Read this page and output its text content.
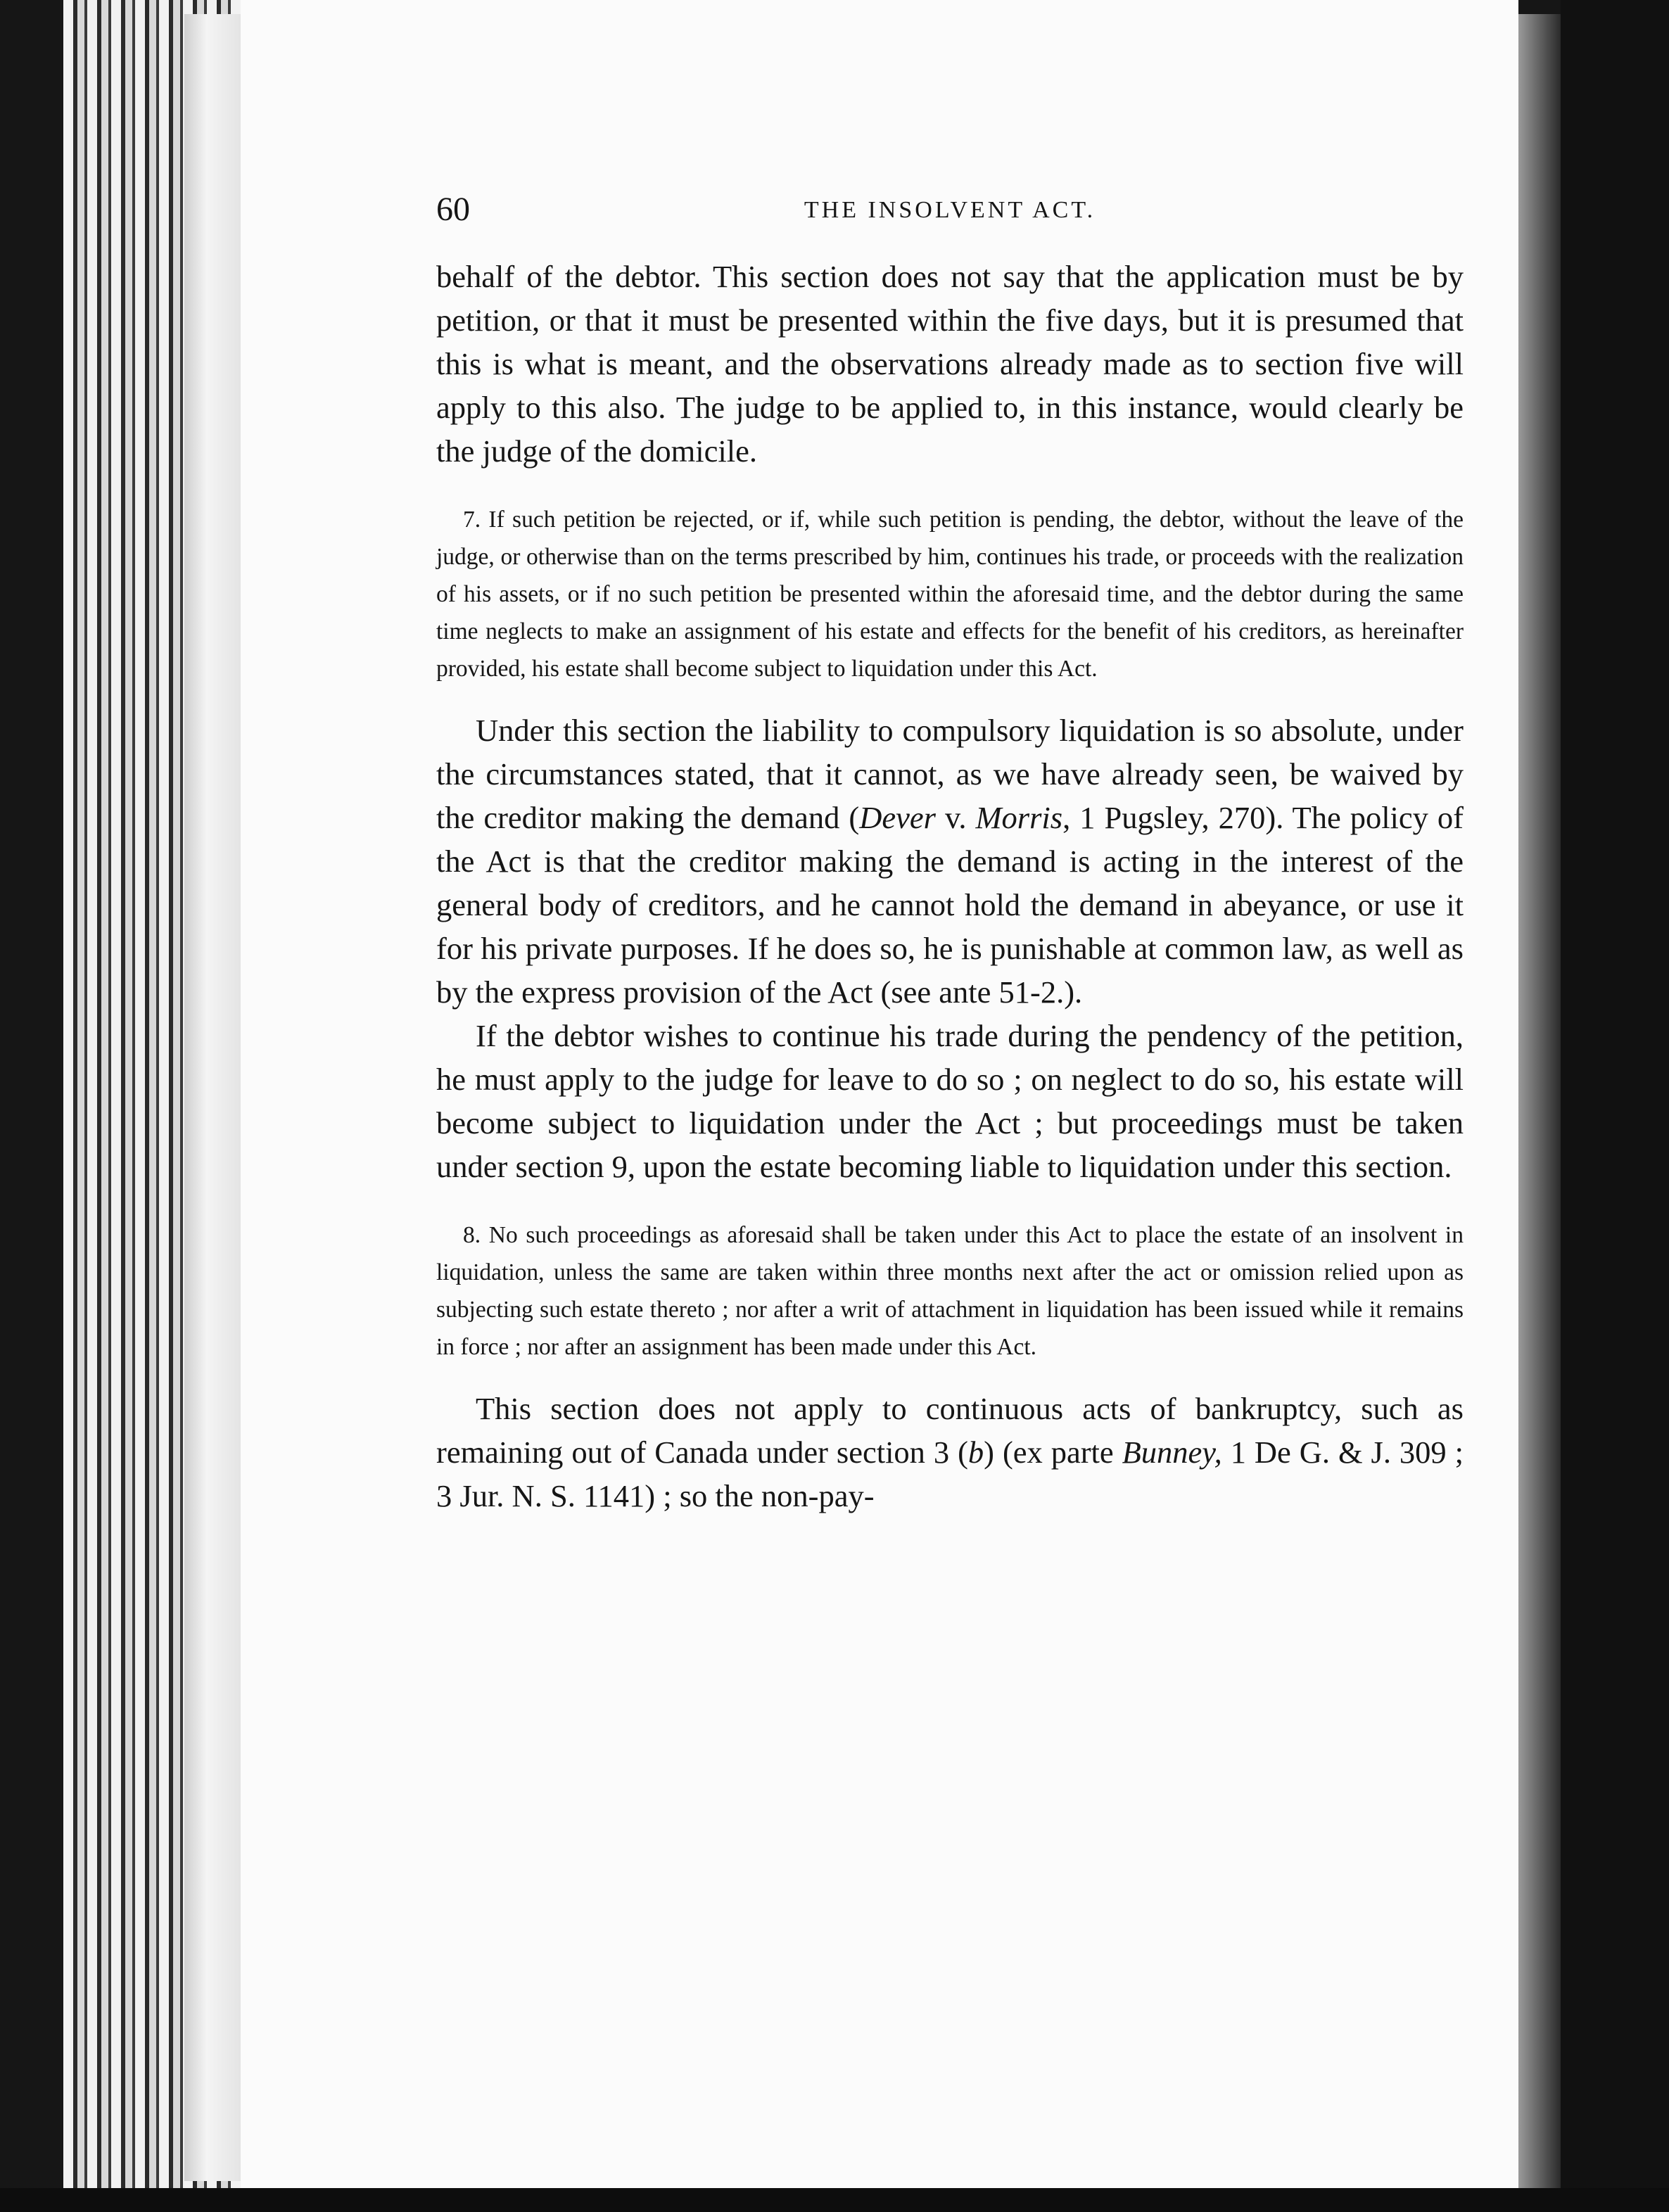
60	THE INSOLVENT ACT.

behalf of the debtor. This section does not say that the application must be by petition, or that it must be presented within the five days, but it is presumed that this is what is meant, and the observations already made as to section five will apply to this also. The judge to be applied to, in this instance, would clearly be the judge of the domicile.

7. If such petition be rejected, or if, while such petition is pending, the debtor, without the leave of the judge, or otherwise than on the terms prescribed by him, continues his trade, or proceeds with the realization of his assets, or if no such petition be presented within the aforesaid time, and the debtor during the same time neglects to make an assignment of his estate and effects for the benefit of his creditors, as hereinafter provided, his estate shall become subject to liquidation under this Act.

Under this section the liability to compulsory liquidation is so absolute, under the circumstances stated, that it cannot, as we have already seen, be waived by the creditor making the demand (Dever v. Morris, 1 Pugsley, 270). The policy of the Act is that the creditor making the demand is acting in the interest of the general body of creditors, and he cannot hold the demand in abeyance, or use it for his private purposes. If he does so, he is punishable at common law, as well as by the express provision of the Act (see ante 51-2.).

If the debtor wishes to continue his trade during the pendency of the petition, he must apply to the judge for leave to do so ; on neglect to do so, his estate will become subject to liquidation under the Act ; but proceedings must be taken under section 9, upon the estate becoming liable to liquidation under this section.

8. No such proceedings as aforesaid shall be taken under this Act to place the estate of an insolvent in liquidation, unless the same are taken within three months next after the act or omission relied upon as subjecting such estate thereto ; nor after a writ of attachment in liquidation has been issued while it remains in force ; nor after an assignment has been made under this Act.

This section does not apply to continuous acts of bankruptcy, such as remaining out of Canada under section 3 (b) (ex parte Bunney, 1 De G. & J. 309 ; 3 Jur. N. S. 1141) ; so the non-pay-
